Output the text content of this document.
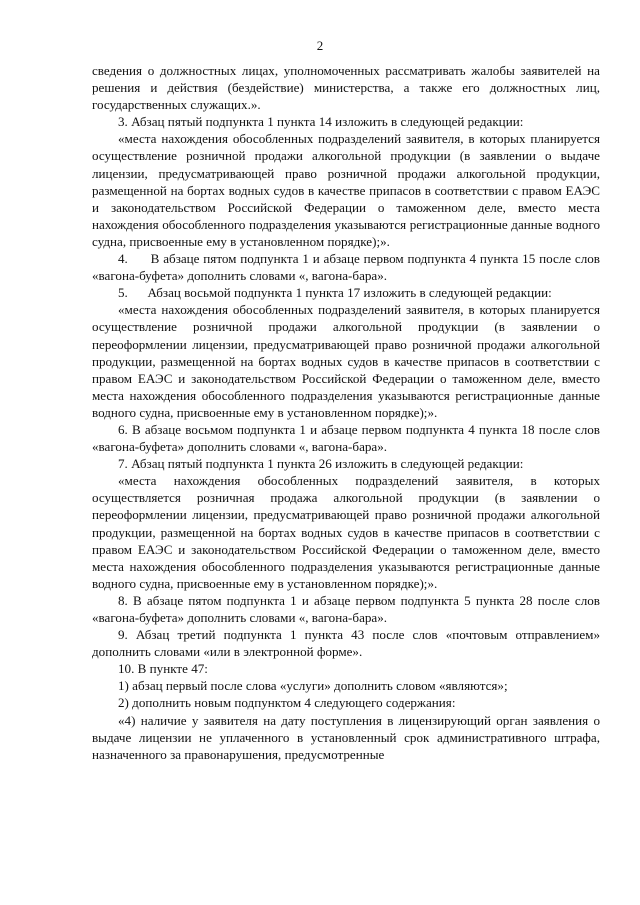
2

сведения о должностных лицах, уполномоченных рассматривать жалобы заявителей на решения и действия (бездействие) министерства, а также его должностных лиц, государственных служащих.».

3. Абзац пятый подпункта 1 пункта 14 изложить в следующей редакции:

«места нахождения обособленных подразделений заявителя, в которых планируется осуществление розничной продажи алкогольной продукции (в заявлении о выдаче лицензии, предусматривающей право розничной продажи алкогольной продукции, размещенной на бортах водных судов в качестве припасов в соответствии с правом ЕАЭС и законодательством Российской Федерации о таможенном деле, вместо места нахождения обособленного подразделения указываются регистрационные данные водного судна, присвоенные ему в установленном порядке);».

4.      В абзаце пятом подпункта 1 и абзаце первом подпункта 4 пункта 15 после слов «вагона-буфета» дополнить словами «, вагона-бара».

5.      Абзац восьмой подпункта 1 пункта 17 изложить в следующей редакции:

«места нахождения обособленных подразделений заявителя, в которых планируется осуществление розничной продажи алкогольной продукции (в заявлении о переоформлении лицензии, предусматривающей право розничной продажи алкогольной продукции, размещенной на бортах водных судов в качестве припасов в соответствии с правом ЕАЭС и законодательством Российской Федерации о таможенном деле, вместо места нахождения обособленного подразделения указываются регистрационные данные водного судна, присвоенные ему в установленном порядке);».

6. В абзаце восьмом подпункта 1 и абзаце первом подпункта 4 пункта 18 после слов «вагона-буфета» дополнить словами «, вагона-бара».

7. Абзац пятый подпункта 1 пункта 26 изложить в следующей редакции:

«места нахождения обособленных подразделений заявителя, в которых осуществляется розничная продажа алкогольной продукции (в заявлении о переоформлении лицензии, предусматривающей право розничной продажи алкогольной продукции, размещенной на бортах водных судов в качестве припасов в соответствии с правом ЕАЭС и законодательством Российской Федерации о таможенном деле, вместо места нахождения обособленного подразделения указываются регистрационные данные водного судна, присвоенные ему в установленном порядке);».

8. В абзаце пятом подпункта 1 и абзаце первом подпункта 5 пункта 28 после слов «вагона-буфета» дополнить словами «, вагона-бара».

9. Абзац третий подпункта 1 пункта 43 после слов «почтовым отправлением» дополнить словами «или в электронной форме».

10. В пункте 47:

1) абзац первый после слова «услуги» дополнить словом «являются»;

2) дополнить новым подпунктом 4 следующего содержания:

«4) наличие у заявителя на дату поступления в лицензирующий орган заявления о выдаче лицензии не уплаченного в установленный срок административного штрафа, назначенного за правонарушения, предусмотренные
